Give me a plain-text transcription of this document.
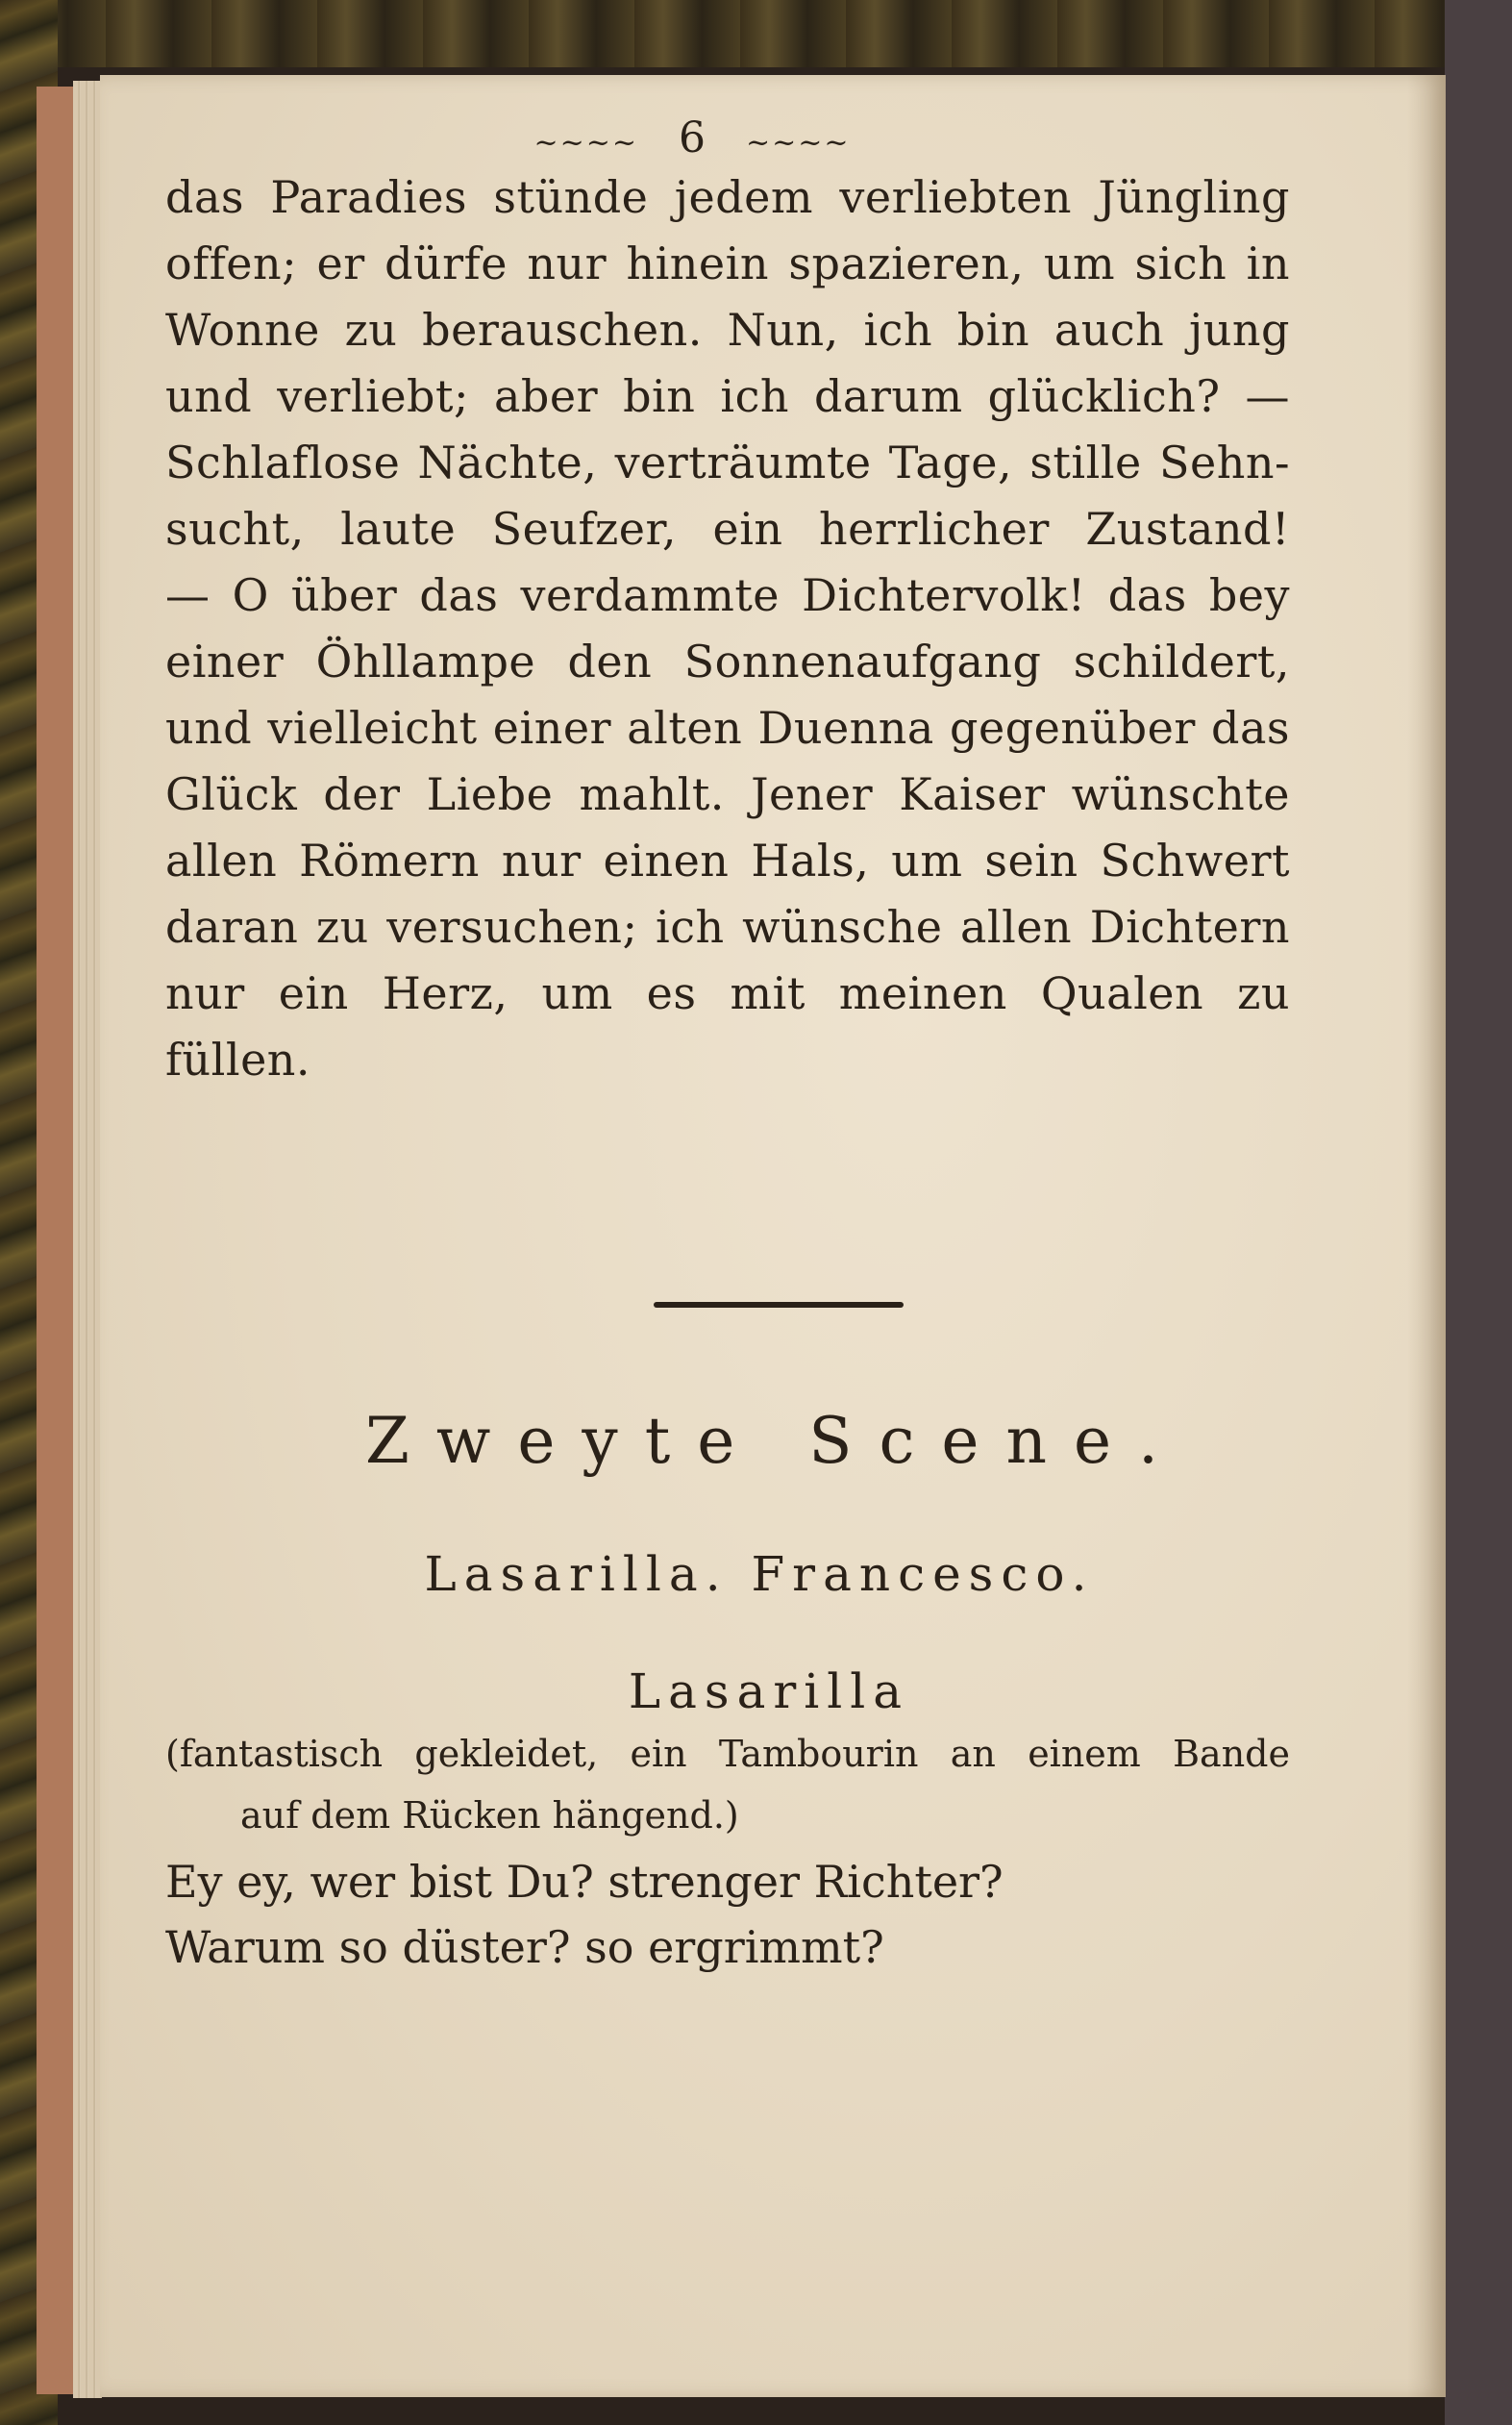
~~~~ 6 ~~~~
das Paradies stünde jedem verliebten Jüngling
offen; er dürfe nur hinein spazieren, um sich in
Wonne zu berauschen. Nun, ich bin auch jung
und verliebt; aber bin ich darum glücklich? —
Schlaflose Nächte, verträumte Tage, stille Sehn-
sucht, laute Seufzer, ein herrlicher Zustand!
— O über das verdammte Dichtervolk! das bey
einer Öhllampe den Sonnenaufgang schildert,
und vielleicht einer alten Duenna gegenüber das
Glück der Liebe mahlt. Jener Kaiser wünschte
allen Römern nur einen Hals, um sein Schwert
daran zu versuchen; ich wünsche allen Dichtern
nur ein Herz, um es mit meinen Qualen zu
füllen.
Zweyte Scene.
Lasarilla. Francesco.
Lasarilla
(fantastisch gekleidet, ein Tambourin an einem Bande
auf dem Rücken hängend.)
Ey ey, wer bist Du? strenger Richter?
Warum so düster? so ergrimmt?
